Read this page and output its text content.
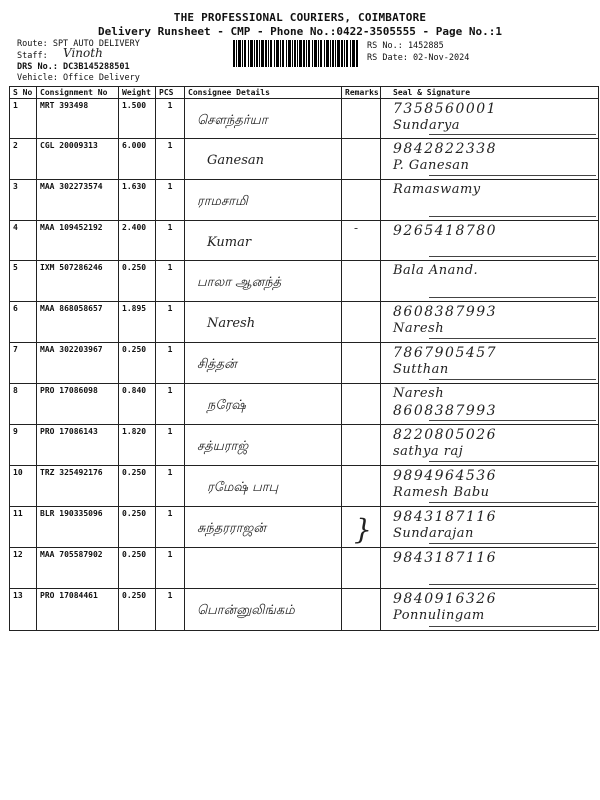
THE PROFESSIONAL COURIERS, COIMBATORE
Delivery Runsheet - CMP - Phone No.:0422-3505555 - Page No.:1
Route: SPT AUTO DELIVERY
Staff: Vinoth
DRS No.: DC3B145288501
Vehicle: Office Delivery
RS No.: 1452885
RS Date: 02-Nov-2024
S No	Consignment No	Weight	PCS	Consignee Details	Remarks	Seal & Signature
1	MRT 393498	1.500	1	சௌந்தர்யா		7358560001
Sundarya

2	CGL 20009313	6.000	1	Ganesan		9842822338
P. Ganesan

3	MAA 302273574	1.630	1	ராமசாமி		Ramaswamy

4	MAA 109452192	2.400	1	Kumar	-	9265418780

5	IXM 507286246	0.250	1	பாலா ஆனந்த்		Bala Anand.

6	MAA 868058657	1.895	1	Naresh		8608387993
Naresh

7	MAA 302203967	0.250	1	சித்தன்		7867905457
Sutthan

8	PRO 17086098	0.840	1	நரேஷ்		Naresh
8608387993

9	PRO 17086143	1.820	1	சத்யராஜ்		8220805026
sathya raj

10	TRZ 325492176	0.250	1	ரமேஷ் பாபு		9894964536
Ramesh Babu

11	BLR 190335096	0.250	1	சுந்தரராஜன்	}	9843187116
Sundarajan

12	MAA 705587902	0.250	1			9843187116

13	PRO 17084461	0.250	1	பொன்னுலிங்கம்		9840916326
Ponnulingam
